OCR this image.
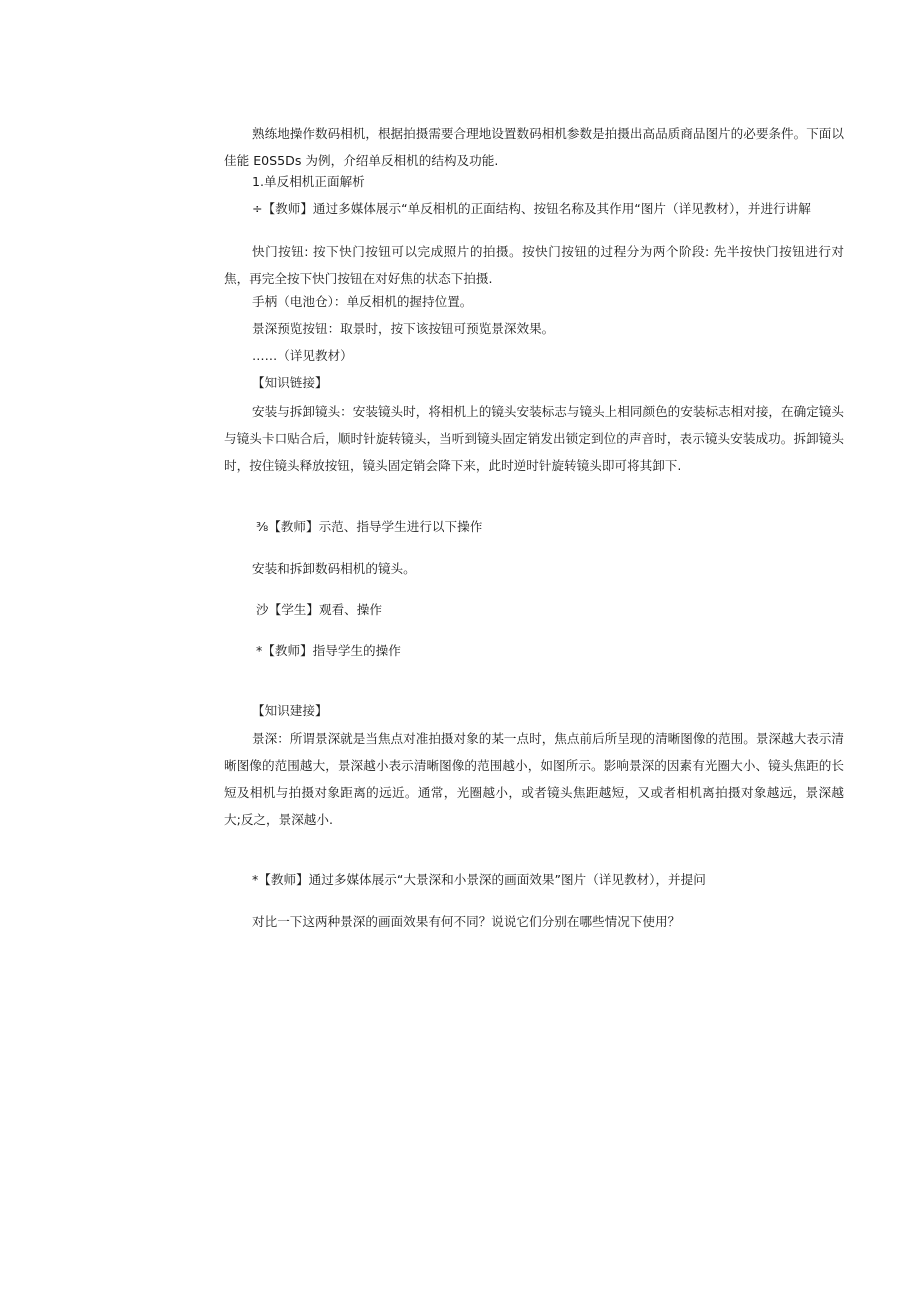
熟练地操作数码相机，根据拍摄需要合理地设置数码相机参数是拍摄出高品质商品图片的必要条件。下面以佳能 E0S5Ds 为例，介绍单反相机的结构及功能.

1.单反相机正面解析

÷【教师】通过多媒体展示“单反相机的正面结构、按钮名称及其作用“图片（详见教材），并进行讲解

快门按钮: 按下快门按钮可以完成照片的拍摄。按快门按钮的过程分为两个阶段: 先半按快门按钮进行对焦，再完全按下快门按钮在对好焦的状态下拍摄.

手柄（电池仓）：单反相机的握持位置。

景深预览按钮：取景时，按下该按钮可预览景深效果。

……（详见教材）

【知识链接】

安装与拆卸镜头：安装镜头时，将相机上的镜头安装标志与镜头上相同颜色的安装标志相对接，在确定镜头与镜头卡口贴合后，顺时针旋转镜头，当听到镜头固定销发出锁定到位的声音时，表示镜头安装成功。拆卸镜头时，按住镜头释放按钮，镜头固定销会降下来，此时逆时针旋转镜头即可将其卸下.

⅜【教师】示范、指导学生进行以下操作

安装和拆卸数码相机的镜头。

沙【学生】观看、操作

*【教师】指导学生的操作

【知识建接】

景深：所谓景深就是当焦点对准拍摄对象的某一点时，焦点前后所呈现的清晰图像的范围。景深越大表示清晰图像的范围越大，景深越小表示清晰图像的范围越小，如图所示。影响景深的因素有光圈大小、镜头焦距的长短及相机与拍摄对象距离的远近。通常，光圈越小，或者镜头焦距越短，又或者相机离拍摄对象越远，景深越大;反之，景深越小.

*【教师】通过多媒体展示“大景深和小景深的画面效果”图片（详见教材），并提问

对比一下这两种景深的画面效果有何不同？说说它们分别在哪些情况下使用？
